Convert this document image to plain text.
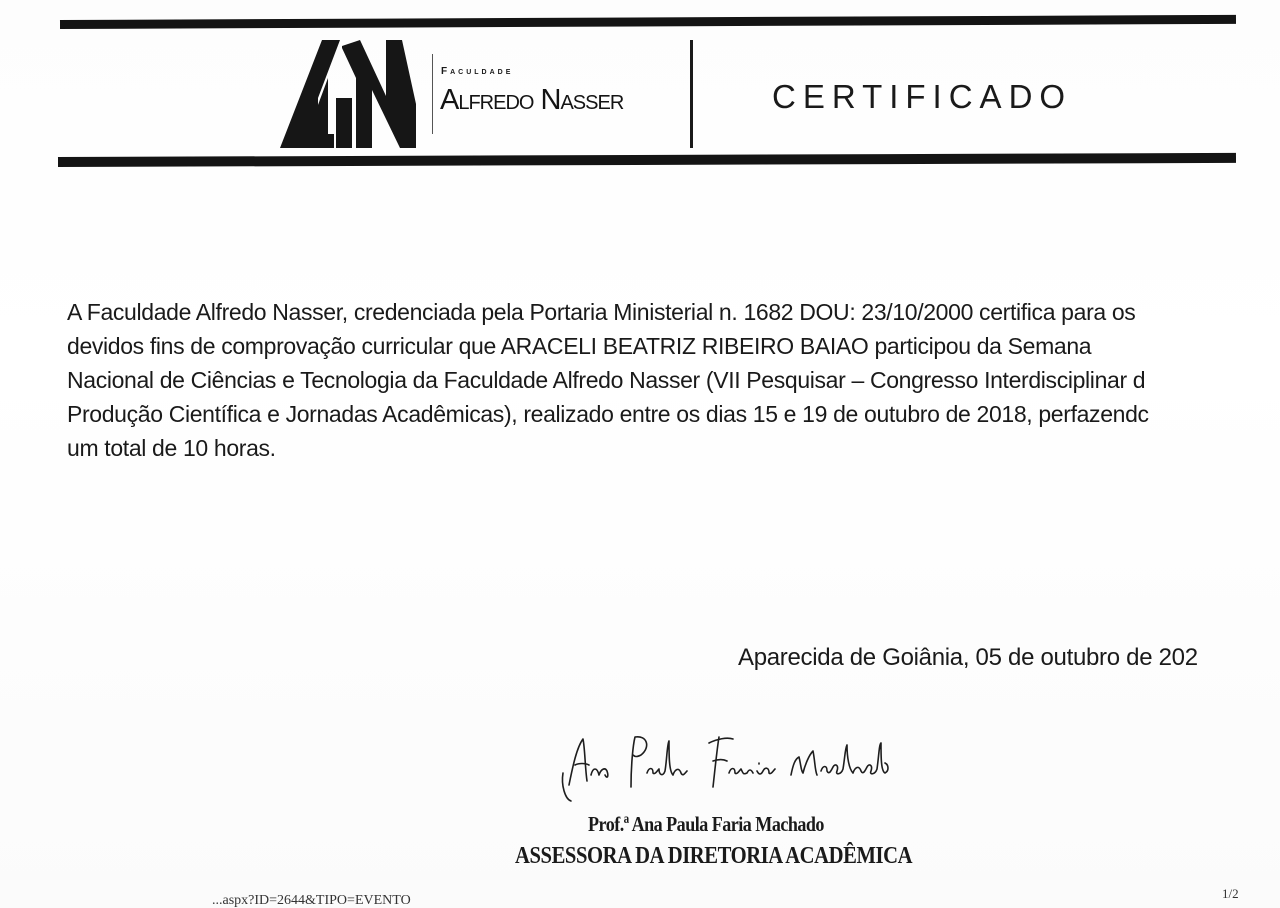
Faculdade
Alfredo Nasser	CERTIFICADO
A Faculdade Alfredo Nasser, credenciada pela Portaria Ministerial n. 1682 DOU: 23/10/2000 certifica para os
devidos fins de comprovação curricular que ARACELI BEATRIZ RIBEIRO BAIAO participou da Semana
Nacional de Ciências e Tecnologia da Faculdade Alfredo Nasser (VII Pesquisar – Congresso Interdisciplinar d
Produção Científica e Jornadas Acadêmicas), realizado entre os dias 15 e 19 de outubro de 2018, perfazendc
um total de 10 horas.
Aparecida de Goiânia, 05 de outubro de 202
Prof.ª Ana Paula Faria Machado
ASSESSORA DA DIRETORIA ACADÊMICA
...aspx?ID=2644&TIPO=EVENTO	1/2
